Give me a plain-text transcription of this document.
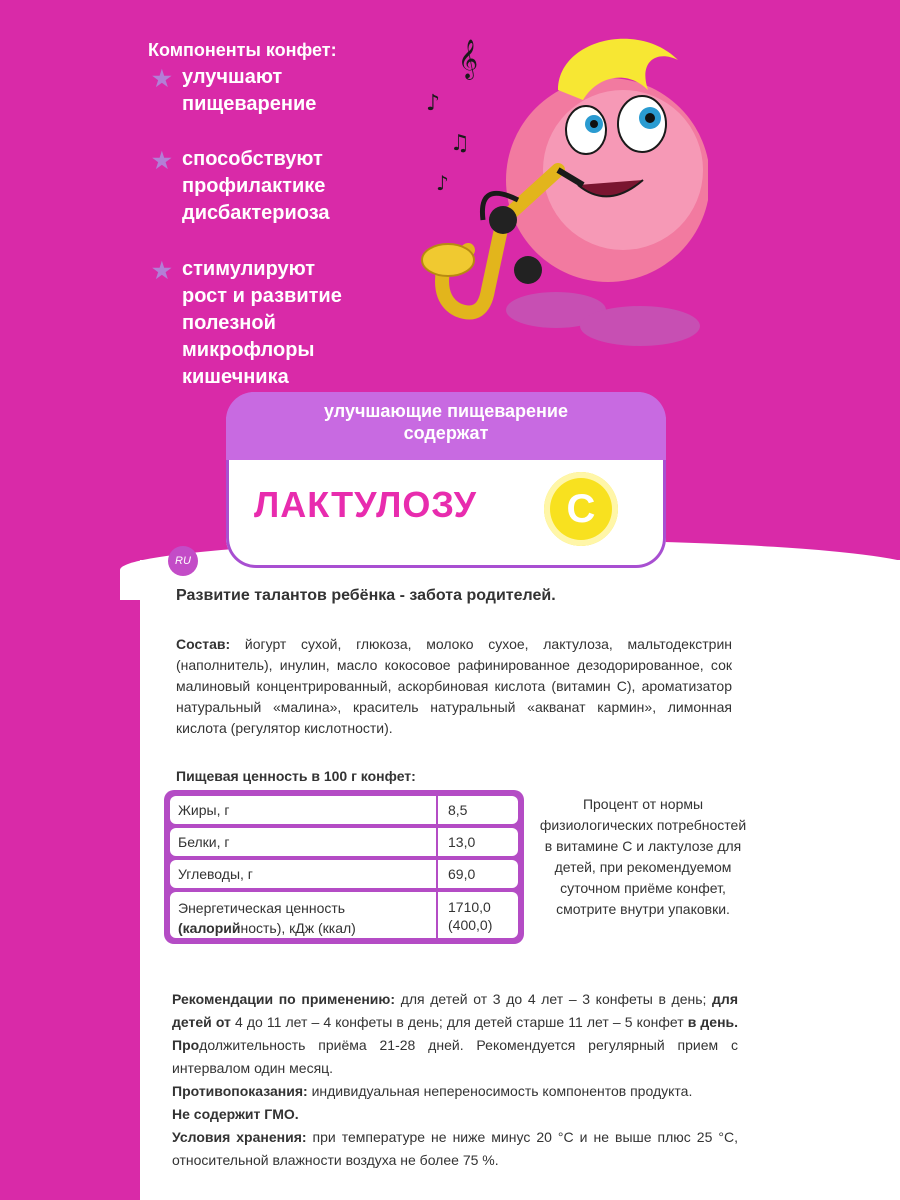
Компоненты конфет:
★ улучшают
пищеварение
★ способствуют
профилактике
дисбактериоза
★ стимулируют
рост и развитие
полезной
микрофлоры
кишечника
𝄞
♪
♫
♪
улучшающие пищеварение
содержат
ЛАКТУЛОЗУ	C
RU
Развитие талантов ребёнка - забота родителей.
Состав: йогурт сухой, глюкоза, молоко сухое, лактулоза, мальтодекстрин (наполнитель), инулин, масло кокосовое рафинированное дезодорированное, сок малиновый концентрированный, аскорбиновая кислота (витамин С), ароматизатор натуральный «малина», краситель натуральный «акванат кармин», лимонная кислота (регулятор кислотности).
Пищевая ценность в 100 г конфет:
Жиры, г	8,5
Белки, г	13,0
Углеводы, г	69,0
Энергетическая ценность
(калорийность), кДж (ккал)
1710,0
(400,0)
Процент от нормы физиологических потребностей в витамине С и лактулозе для детей, при рекомендуемом суточном приёме конфет, смотрите внутри упаковки.
Рекомендации по применению: для детей от 3 до 4 лет – 3 конфеты в день; для детей от 4 до 11 лет – 4 конфеты в день; для детей старше 11 лет – 5 конфет в день. Продолжительность приёма 21-28 дней. Рекомендуется регулярный прием с интервалом один месяц.
Противопоказания: индивидуальная непереносимость компонентов продукта.
Не содержит ГМО.
Условия хранения: при температуре не ниже минус 20 °С и не выше плюс 25 °С, относительной влажности воздуха не более 75 %.
